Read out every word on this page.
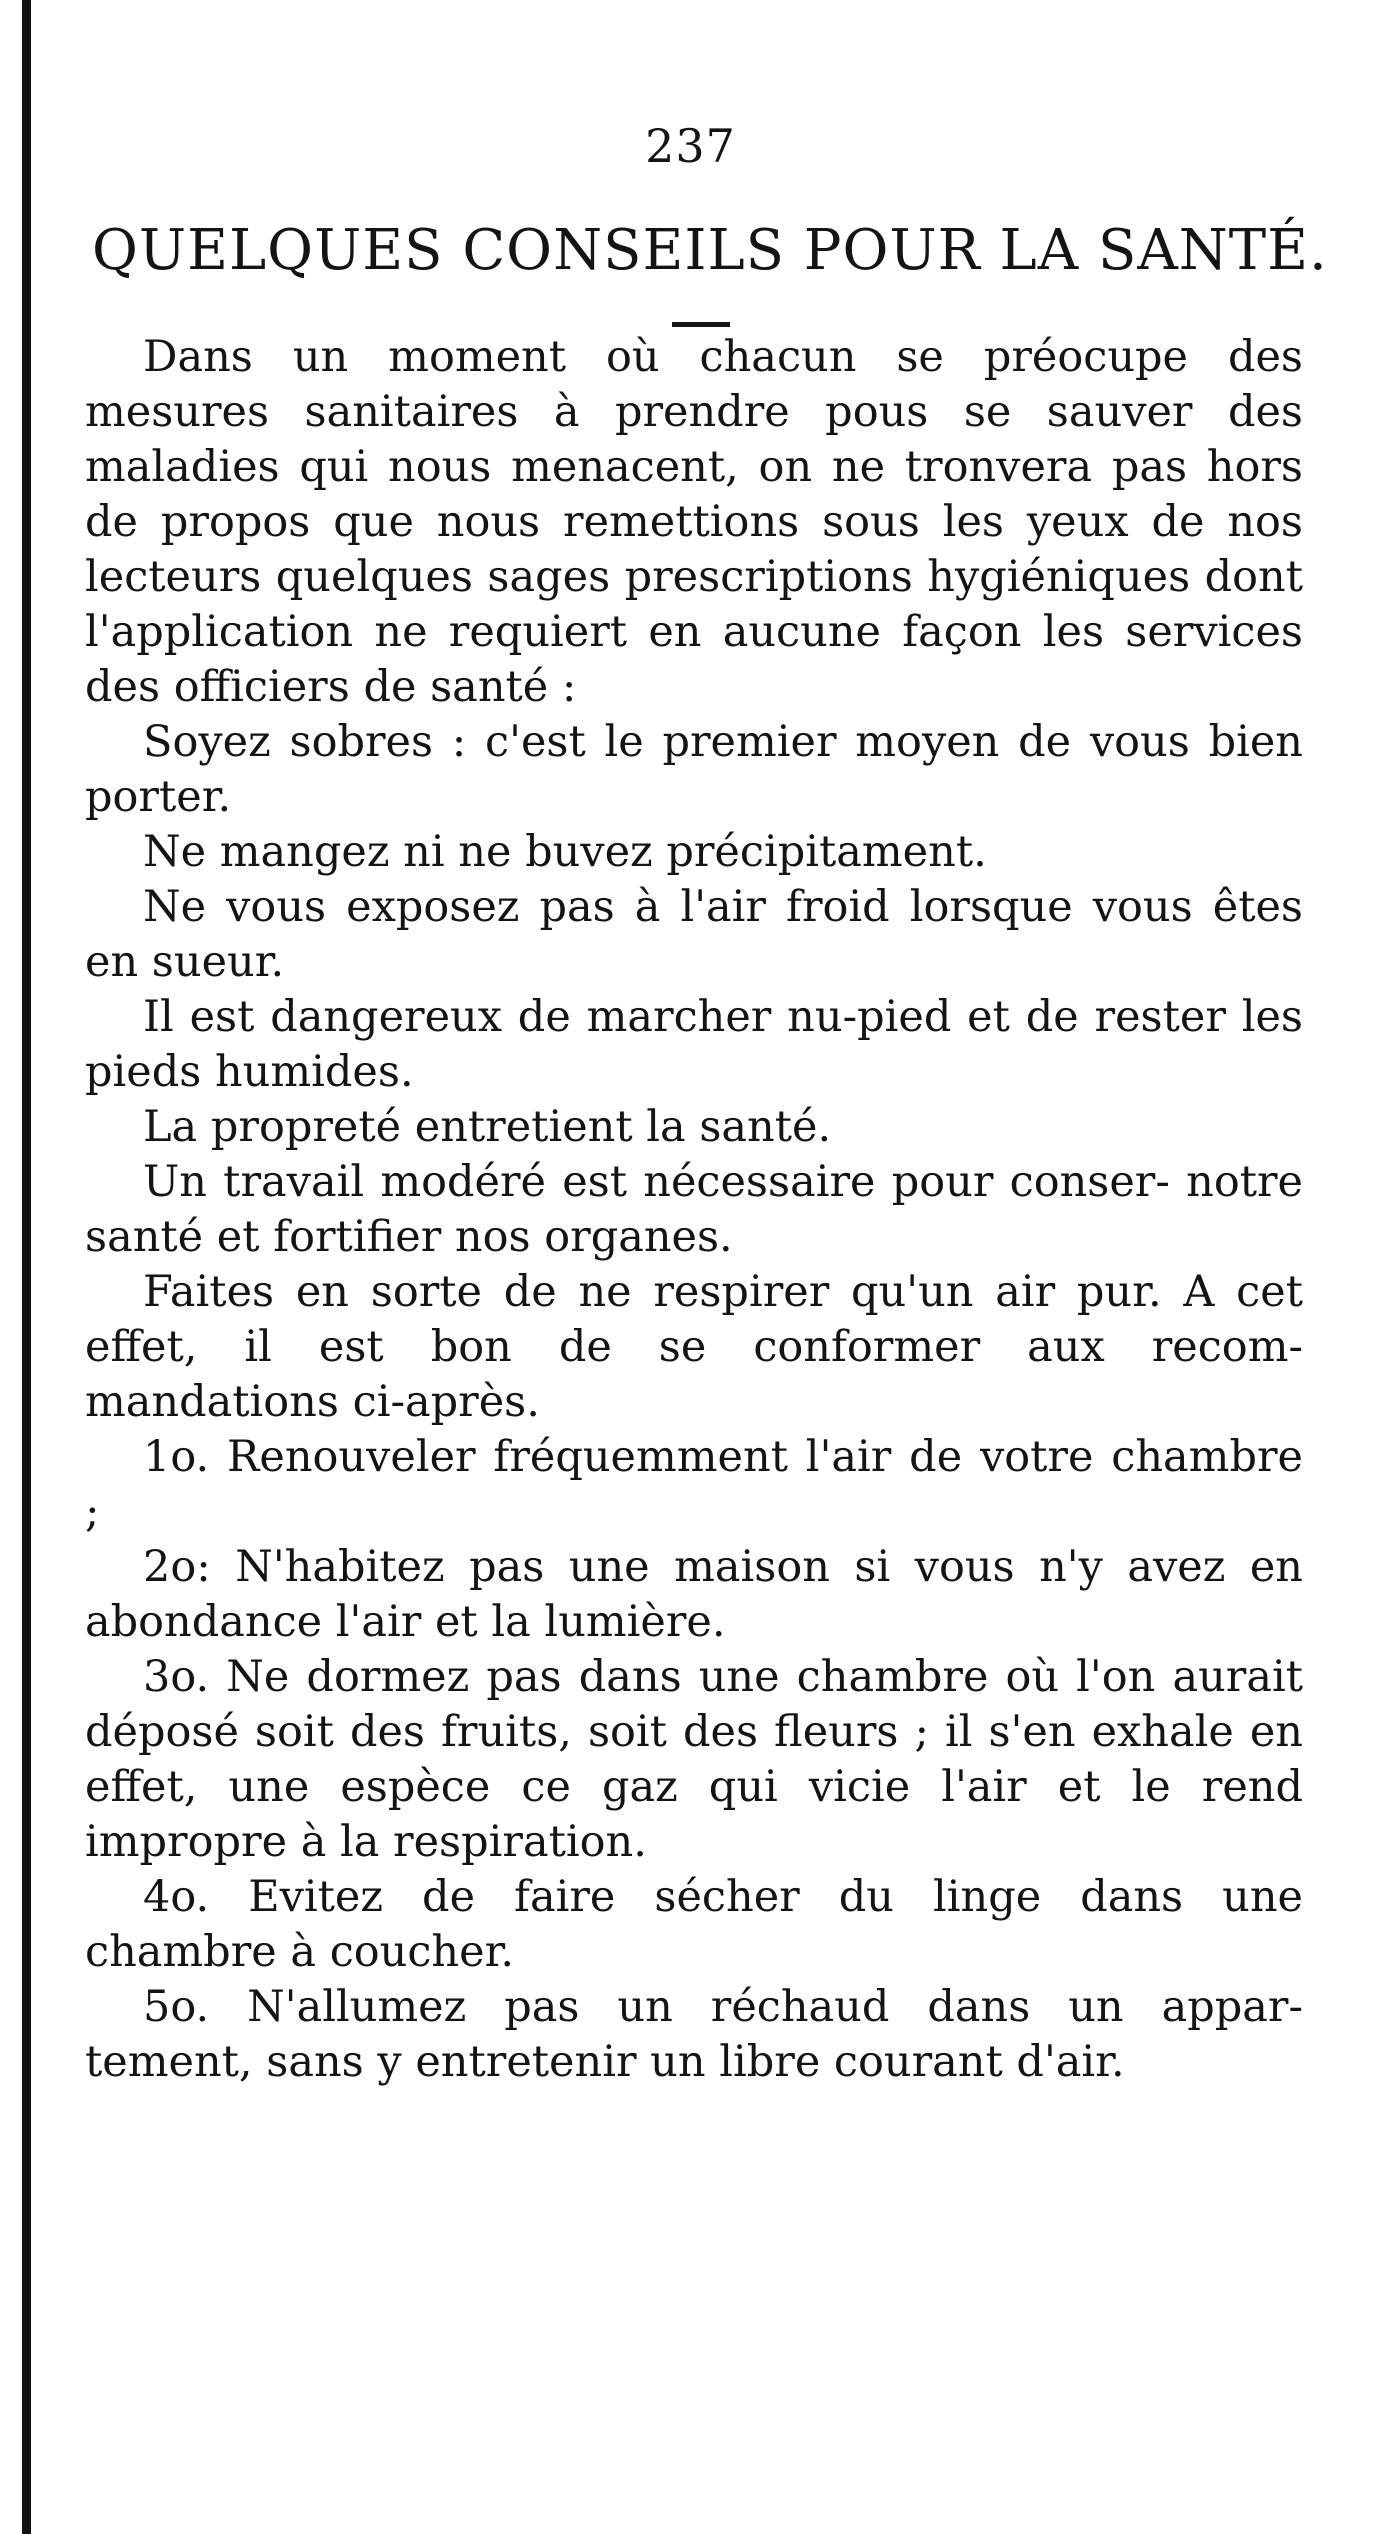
237
QUELQUES CONSEILS POUR LA SANTÉ.

Dans un moment où chacun se préocupe des mesures sanitaires à prendre pous se sauver des maladies qui nous menacent, on ne tronvera pas hors de propos que nous remettions sous les yeux de nos lecteurs quelques sages prescriptions hygiéniques dont l'application ne requiert en aucune façon les services des officiers de santé :

Soyez sobres : c'est le premier moyen de vous bien porter.

Ne mangez ni ne buvez précipitament.

Ne vous exposez pas à l'air froid lorsque vous êtes en sueur.

Il est dangereux de marcher nu-pied et de rester les pieds humides.

La propreté entretient la santé.

Un travail modéré est nécessaire pour conser- notre santé et fortifier nos organes.

Faites en sorte de ne respirer qu'un air pur. A cet effet, il est bon de se conformer aux recom- mandations ci-après.

1o. Renouveler fréquemment l'air de votre chambre ;

2o: N'habitez pas une maison si vous n'y avez en abondance l'air et la lumière.

3o. Ne dormez pas dans une chambre où l'on aurait déposé soit des fruits, soit des fleurs ; il s'en exhale en effet, une espèce ce gaz qui vicie l'air et le rend impropre à la respiration.

4o. Evitez de faire sécher du linge dans une chambre à coucher.

5o. N'allumez pas un réchaud dans un appar- tement, sans y entretenir un libre courant d'air.
